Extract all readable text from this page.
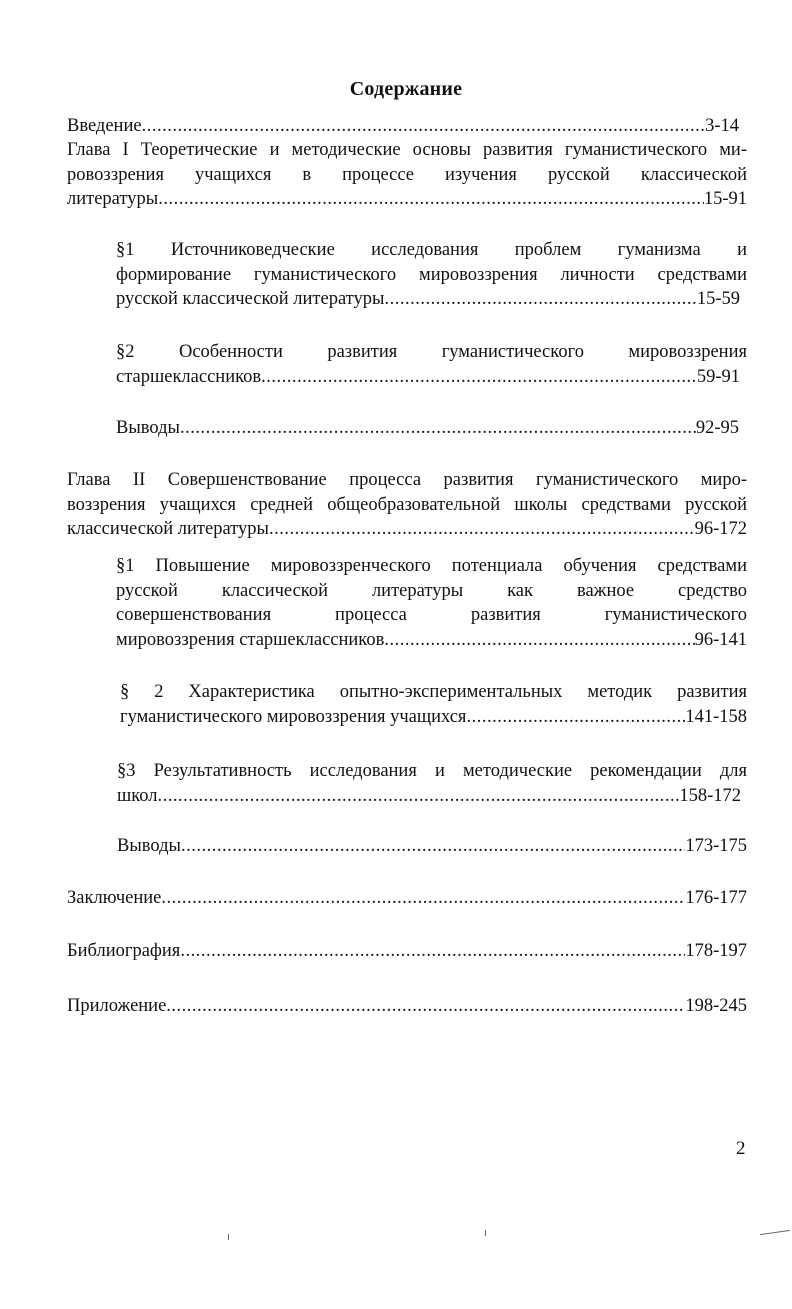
Содержание
Введение .....	3-14
Глава I Теоретические и методические основы развития гуманистического ми-
ровоззрения учащихся в процессе изучения русской классической
литературы .....	15-91
§1 Источниковедческие исследования проблем гуманизма и
формирование гуманистического мировоззрения личности средствами
русской классической литературы .....	15-59
§2 Особенности развития гуманистического мировоззрения
старшеклассников .....	59-91
Выводы .....	92-95
Глава II Совершенствование процесса развития гуманистического миро-
воззрения учащихся средней общеобразовательной школы средствами русской
классической литературы .....	96-172
§1 Повышение мировоззренческого потенциала обучения средствами
русской классической литературы как важное средство
совершенствования процесса развития гуманистического
мировоззрения старшеклассников .....	96-141
§ 2 Характеристика опытно-экспериментальных методик развития
гуманистического мировоззрения учащихся .....	141-158
§3 Результативность исследования и методические рекомендации для
школ .....	158-172
Выводы .....	173-175
Заключение .....	176-177
Библиография .....	178-197
Приложение .....	198-245
2
